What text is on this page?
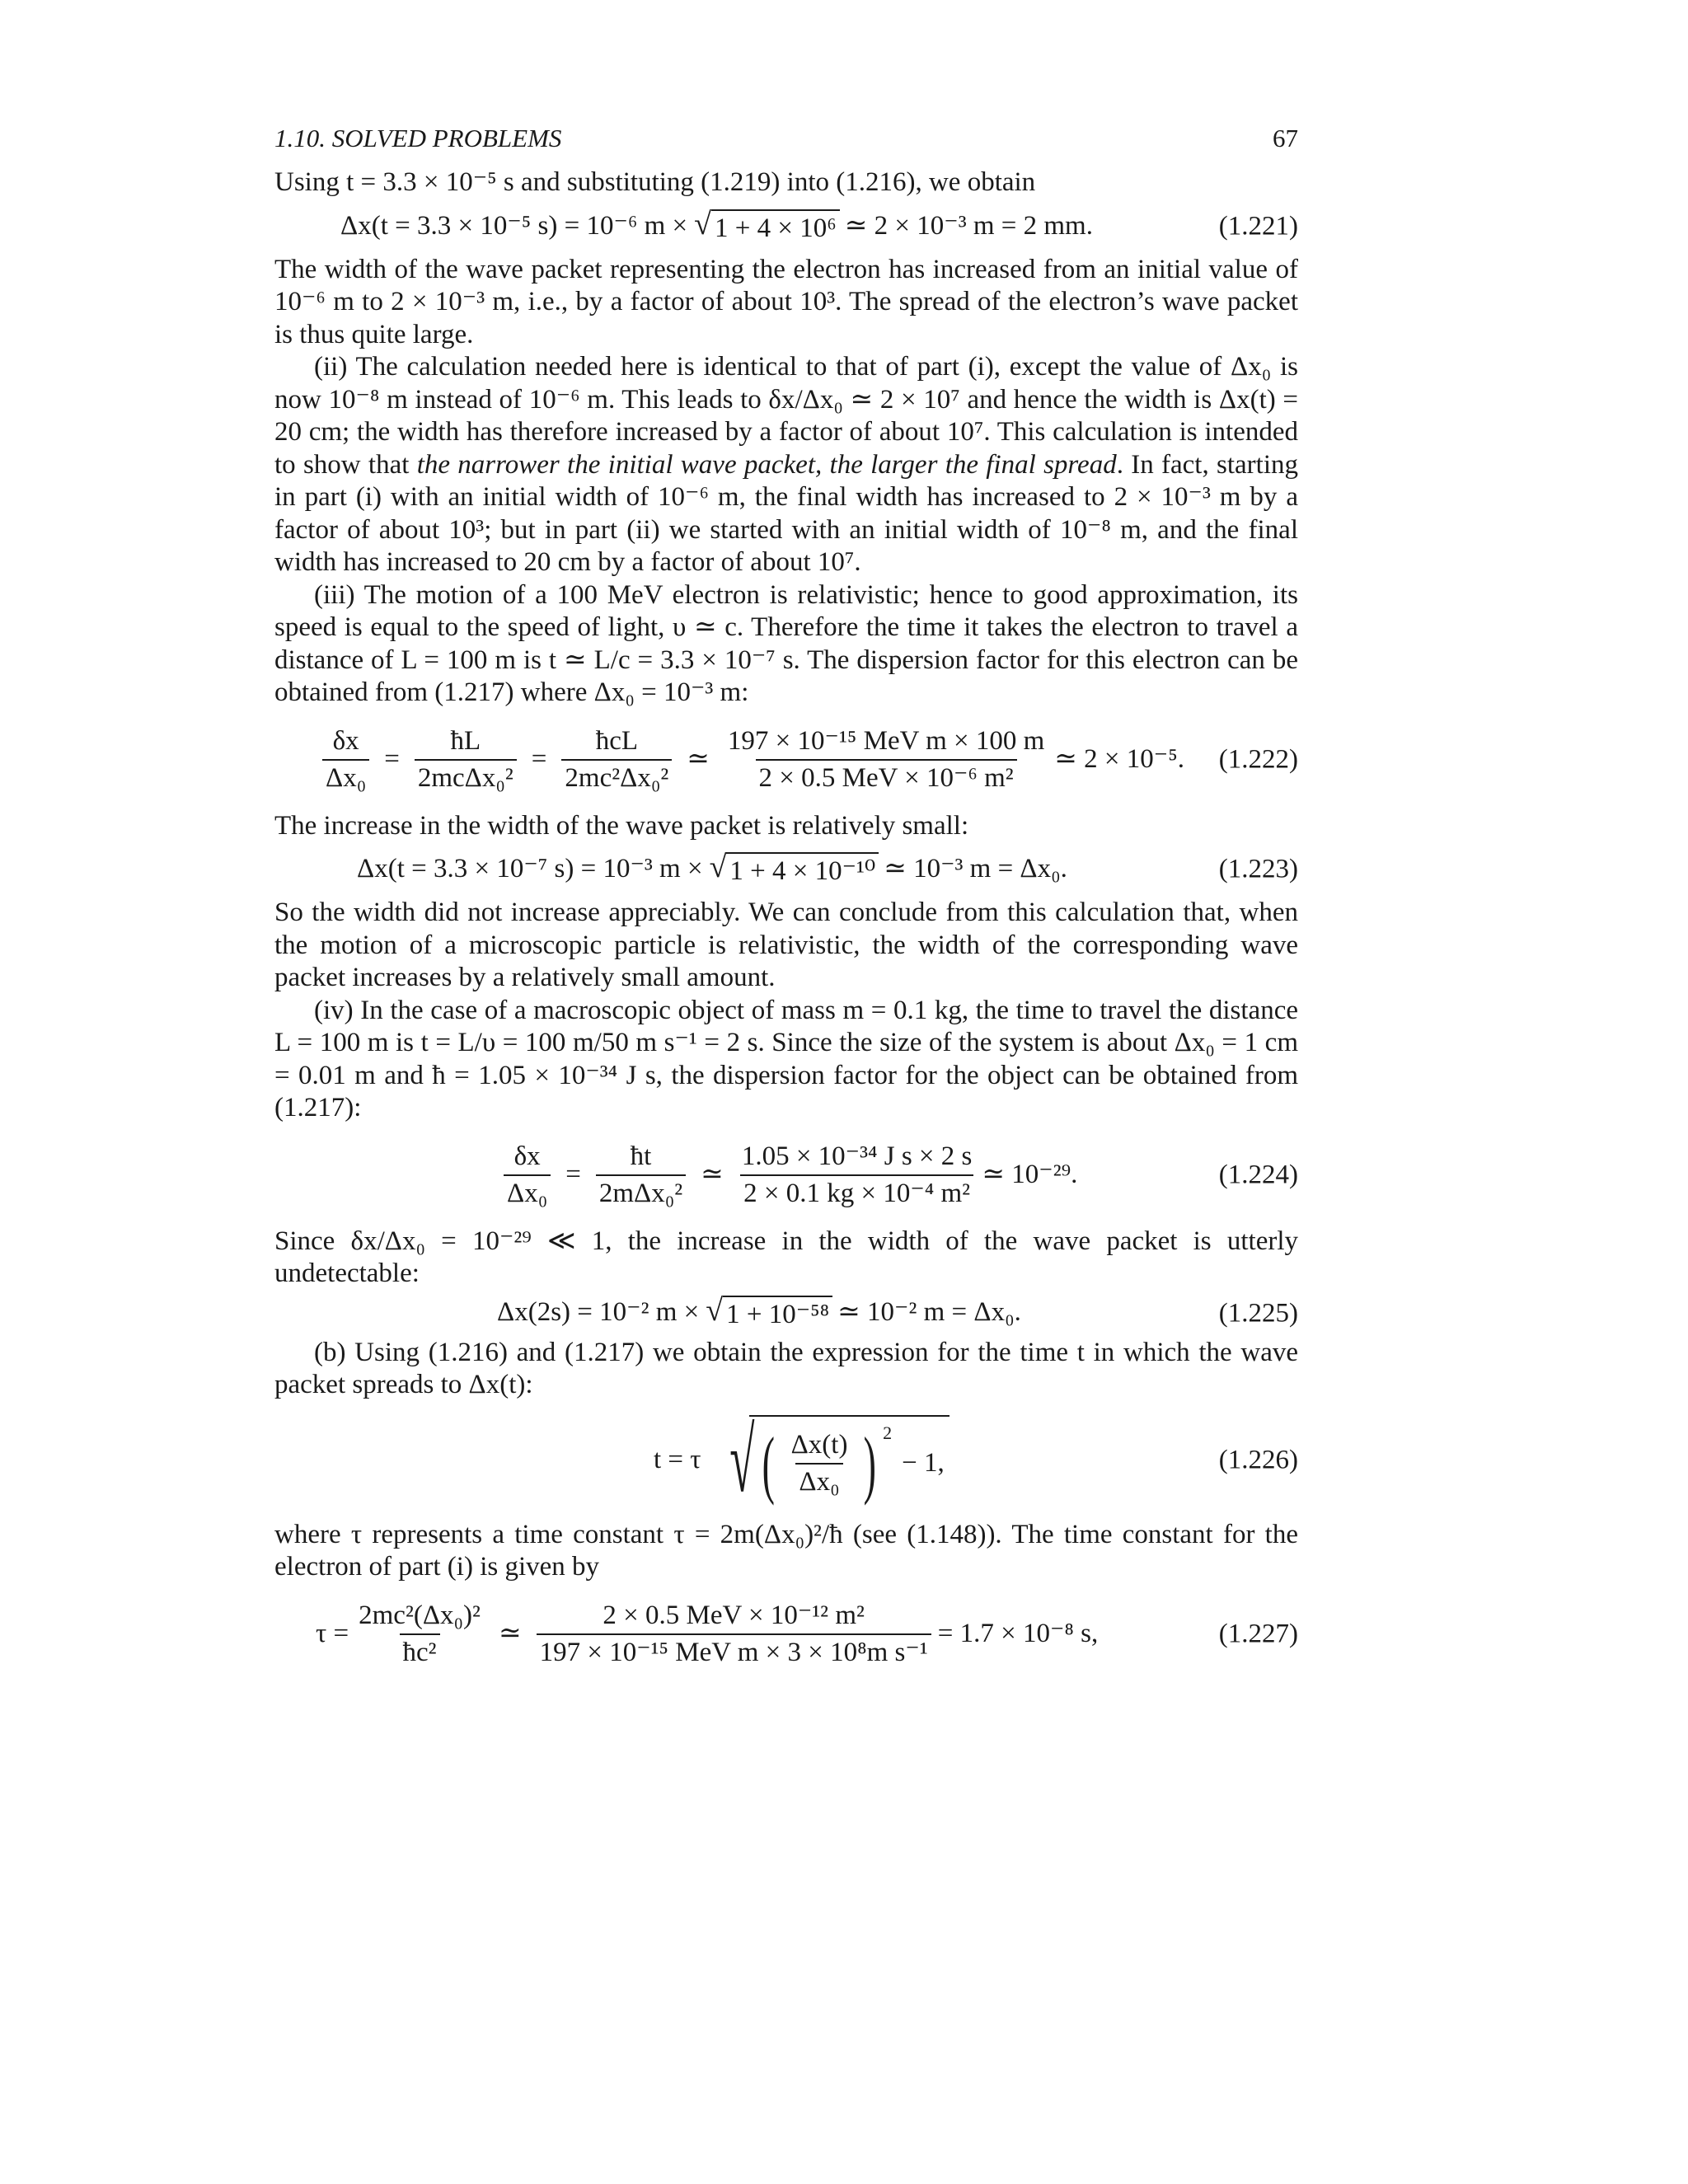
1.10. SOLVED PROBLEMS	67

Using t = 3.3 × 10⁻⁵ s and substituting (1.219) into (1.216), we obtain

Δx(t = 3.3 × 10⁻⁵ s) = 10⁻⁶ m × √ 1 + 4 × 10⁶ ≃ 2 × 10⁻³ m = 2 mm.	(1.221)

The width of the wave packet representing the electron has increased from an initial value of 10⁻⁶ m to 2 × 10⁻³ m, i.e., by a factor of about 10³. The spread of the electron’s wave packet is thus quite large.

(ii) The calculation needed here is identical to that of part (i), except the value of Δx₀ is now 10⁻⁸ m instead of 10⁻⁶ m. This leads to δx/Δx₀ ≃ 2 × 10⁷ and hence the width is Δx(t) = 20 cm; the width has therefore increased by a factor of about 10⁷. This calculation is intended to show that the narrower the initial wave packet, the larger the final spread. In fact, starting in part (i) with an initial width of 10⁻⁶ m, the final width has increased to 2 × 10⁻³ m by a factor of about 10³; but in part (ii) we started with an initial width of 10⁻⁸ m, and the final width has increased to 20 cm by a factor of about 10⁷.

(iii) The motion of a 100 MeV electron is relativistic; hence to good approximation, its speed is equal to the speed of light, υ ≃ c. Therefore the time it takes the electron to travel a distance of L = 100 m is t ≃ L/c = 3.3 × 10⁻⁷ s. The dispersion factor for this electron can be obtained from (1.217) where Δx₀ = 10⁻³ m:

$\frac{\delta x}{\text{Δx₀}} = \frac{ħL}{\text{2mcΔx₀²}} = \frac{\text{ħcL}}{\text{2mc²Δx₀²}}$ ≃ $\frac{\text{197 × 10⁻¹⁵ MeV m × 100 m}}{\text{2 × 0.5 MeV × 10⁻⁶ m²}}$ ≃ 2 × 10⁻⁵. (1.222)

The increase in the width of the wave packet is relatively small:

Δx(t = 3.3 × 10⁻⁷ s) = 10⁻³ m × √ 1 + 4 × 10⁻¹⁰ ≃ 10⁻³ m = Δx₀.	(1.223)

So the width did not increase appreciably. We can conclude from this calculation that, when the motion of a microscopic particle is relativistic, the width of the corresponding wave packet increases by a relatively small amount.

(iv) In the case of a macroscopic object of mass m = 0.1 kg, the time to travel the distance L = 100 m is t = L/υ = 100 m/50 m s⁻¹ = 2 s. Since the size of the system is about Δx₀ = 1 cm = 0.01 m and ħ = 1.05 × 10⁻³⁴ J s, the dispersion factor for the object can be obtained from (1.217):

$\frac{\delta x}{\text{Δx₀}} = \frac{ħt}{\text{2mΔx₀²}}$ ≃ $\frac{\text{1.05 × 10⁻³⁴ J s × 2 s}}{\text{2 × 0.1 kg × 10⁻⁴ m²}}$ ≃ 10⁻²⁹.	(1.224)

Since δx/Δx₀ = 10⁻²⁹ ≪ 1, the increase in the width of the wave packet is utterly undetectable:

Δx(2s) = 10⁻² m × √ 1 + 10⁻⁵⁸ ≃ 10⁻² m = Δx₀.	(1.225)

(b) Using (1.216) and (1.217) we obtain the expression for the time t in which the wave packet spreads to Δx(t):

t = τ √ ( $\frac{\Delta x(t)}{\text{Δx₀}}$ ) 2
− 1,	(1.226)

where τ represents a time constant τ = 2m(Δx₀)²/ħ (see (1.148)). The time constant for the electron of part (i) is given by

$\tau = \frac{\text{2mc²(Δx₀)²}}{\text{ħc²}}$ ≃ $\frac{\text{2 × 0.5 MeV × 10⁻¹² m²}}{\text{197 × 10⁻¹⁵ MeV m × 3 × 10⁸m s⁻¹}} = 1.7 \times 10^{-8}$ s,	(1.227)
